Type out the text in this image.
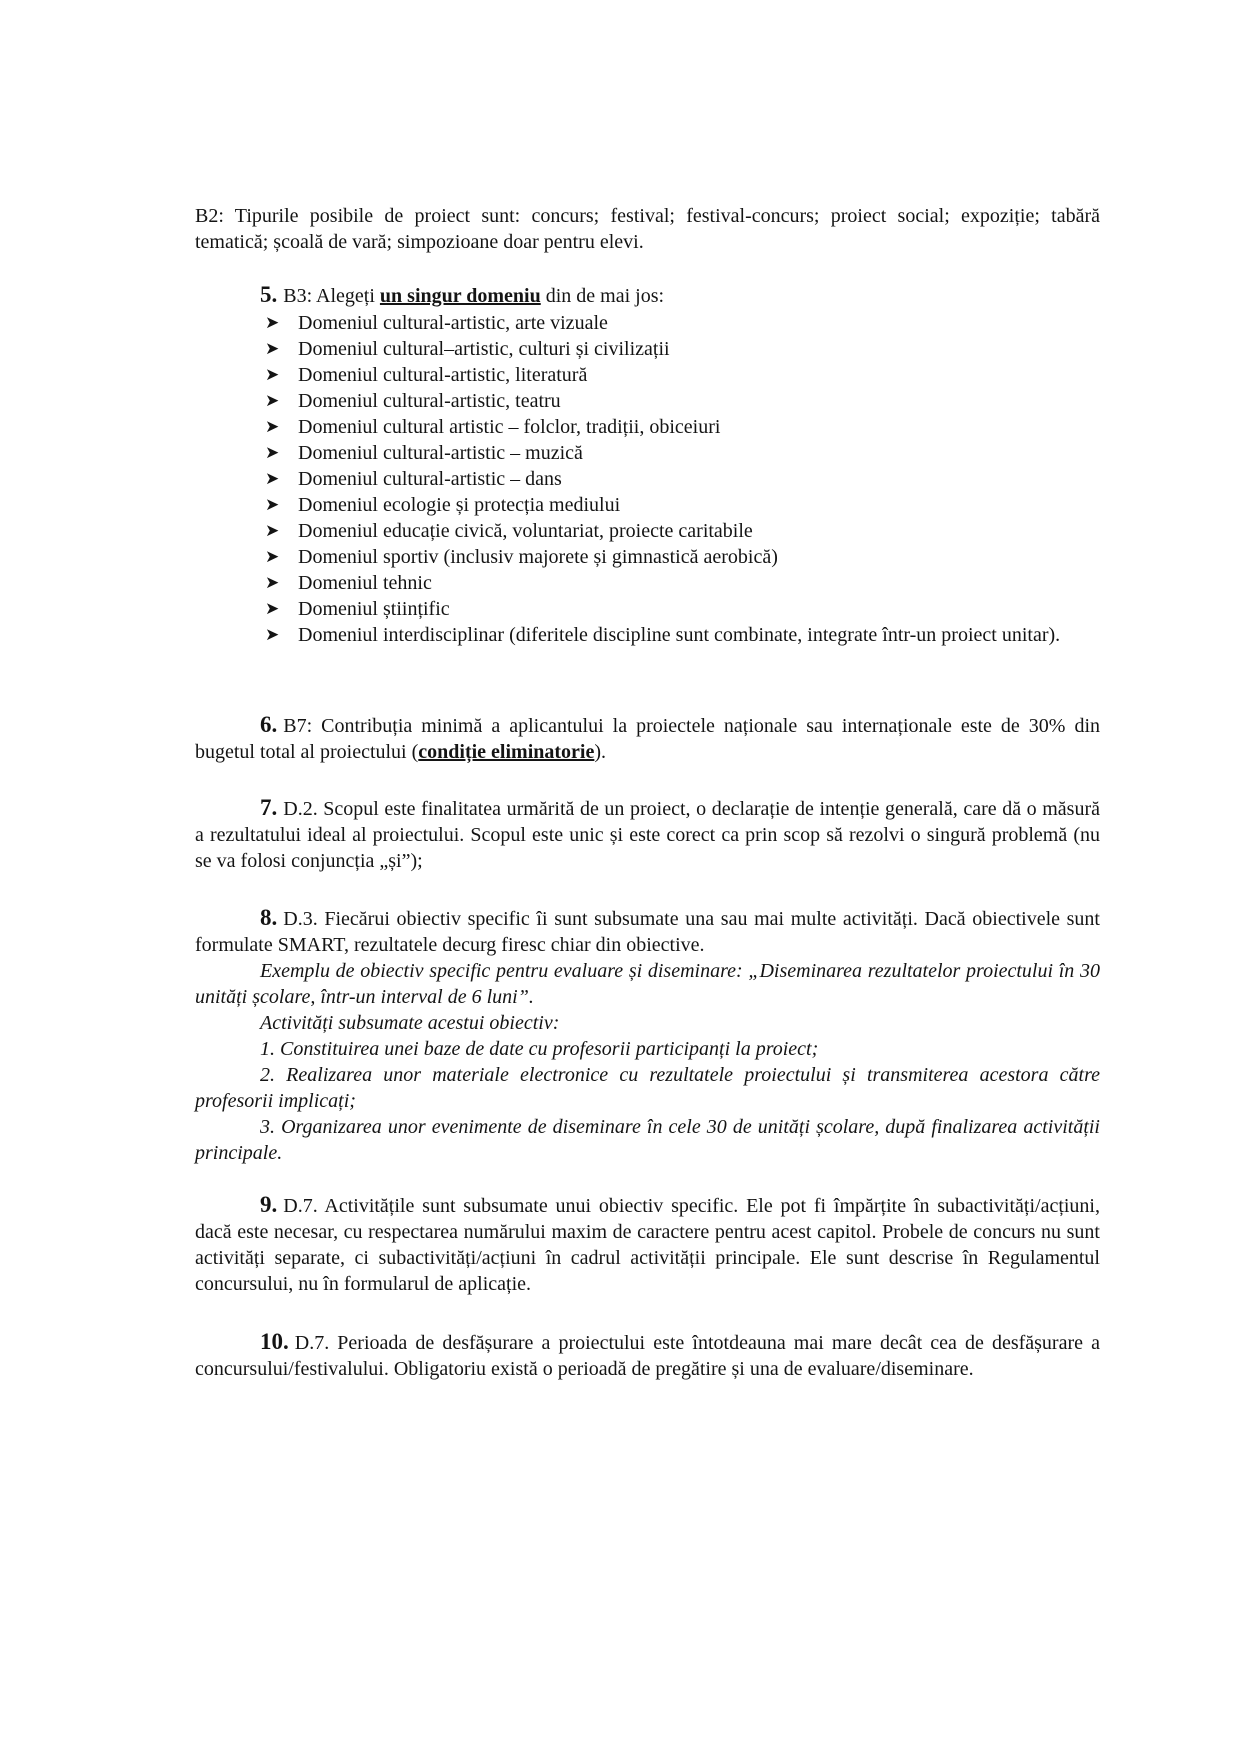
B2: Tipurile posibile de proiect sunt: concurs; festival; festival-concurs; proiect social; expoziție; tabără tematică; școală de vară; simpozioane doar pentru elevi.

5. B3: Alegeți un singur domeniu din de mai jos:

➤ Domeniul cultural-artistic, arte vizuale
➤ Domeniul cultural–artistic, culturi și civilizații
➤ Domeniul cultural-artistic, literatură
➤ Domeniul cultural-artistic, teatru
➤ Domeniul cultural artistic – folclor, tradiții, obiceiuri
➤ Domeniul cultural-artistic – muzică
➤ Domeniul cultural-artistic – dans
➤ Domeniul ecologie și protecția mediului
➤ Domeniul educație civică, voluntariat, proiecte caritabile
➤ Domeniul sportiv (inclusiv majorete și gimnastică aerobică)
➤ Domeniul tehnic
➤ Domeniul științific
➤ Domeniul interdisciplinar (diferitele discipline sunt combinate, integrate într-un proiect unitar).

6. B7: Contribuția minimă a aplicantului la proiectele naționale sau internaționale este de 30% din bugetul total al proiectului (condiție eliminatorie).

7. D.2. Scopul este finalitatea urmărită de un proiect, o declarație de intenție generală, care dă o măsură a rezultatului ideal al proiectului. Scopul este unic și este corect ca prin scop să rezolvi o singură problemă (nu se va folosi conjuncția „și”);

8. D.3. Fiecărui obiectiv specific îi sunt subsumate una sau mai multe activități. Dacă obiectivele sunt formulate SMART, rezultatele decurg firesc chiar din obiective.

Exemplu de obiectiv specific pentru evaluare și diseminare: „Diseminarea rezultatelor proiectului în 30 unități școlare, într-un interval de 6 luni”.

Activități subsumate acestui obiectiv:

1. Constituirea unei baze de date cu profesorii participanți la proiect;

2. Realizarea unor materiale electronice cu rezultatele proiectului și transmiterea acestora către profesorii implicați;

3. Organizarea unor evenimente de diseminare în cele 30 de unități școlare, după finalizarea activității principale.

9. D.7. Activitățile sunt subsumate unui obiectiv specific. Ele pot fi împărțite în subactivități/acțiuni, dacă este necesar, cu respectarea numărului maxim de caractere pentru acest capitol. Probele de concurs nu sunt activități separate, ci subactivități/acțiuni în cadrul activității principale. Ele sunt descrise în Regulamentul concursului, nu în formularul de aplicație.

10. D.7. Perioada de desfășurare a proiectului este întotdeauna mai mare decât cea de desfășurare a concursului/festivalului. Obligatoriu există o perioadă de pregătire și una de evaluare/diseminare.
